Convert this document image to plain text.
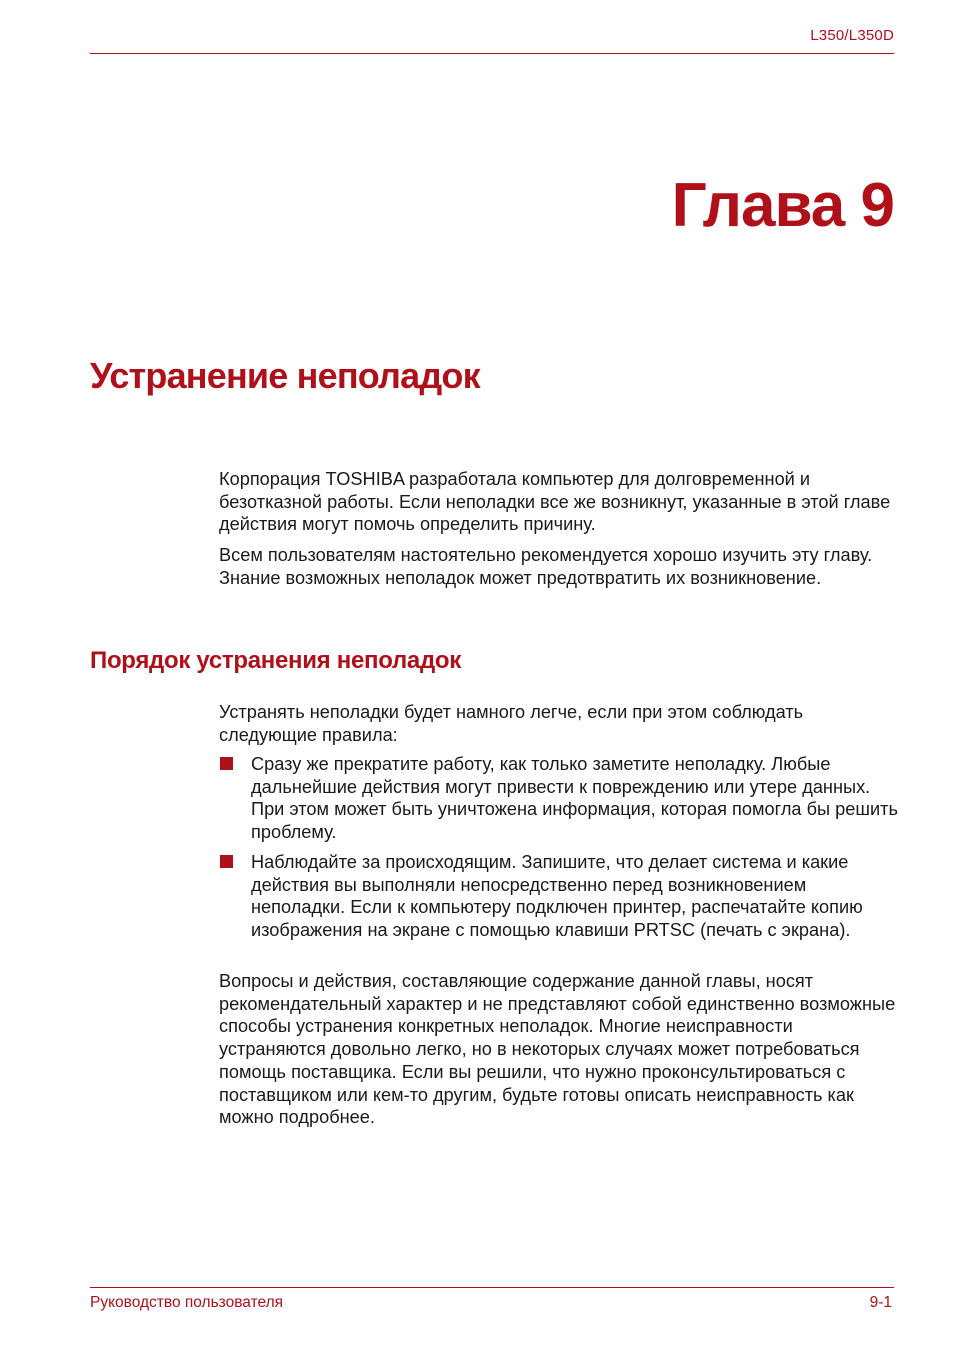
L350/L350D
Глава 9
Устранение неполадок

Корпорация TOSHIBA разработала компьютер для долговременной и безотказной работы. Если неполадки все же возникнут, указанные в этой главе действия могут помочь определить причину.

Всем пользователям настоятельно рекомендуется хорошо изучить эту главу. Знание возможных неполадок может предотвратить их возникновение.

Порядок устранения неполадок

Устранять неполадки будет намного легче, если при этом соблюдать следующие правила:

Сразу же прекратите работу, как только заметите неполадку. Любые дальнейшие действия могут привести к повреждению или утере данных. При этом может быть уничтожена информация, которая помогла бы решить проблему.
Наблюдайте за происходящим. Запишите, что делает система и какие действия вы выполняли непосредственно перед возникновением неполадки. Если к компьютеру подключен принтер, распечатайте копию изображения на экране с помощью клавиши PRTSC (печать с экрана).

Вопросы и действия, составляющие содержание данной главы, носят рекомендательный характер и не представляют собой единственно возможные способы устранения конкретных неполадок. Многие неисправности устраняются довольно легко, но в некоторых случаях может потребоваться помощь поставщика. Если вы решили, что нужно проконсультироваться с поставщиком или кем-то другим, будьте готовы описать неисправность как можно подробнее.

Руководство пользователя	9-1
